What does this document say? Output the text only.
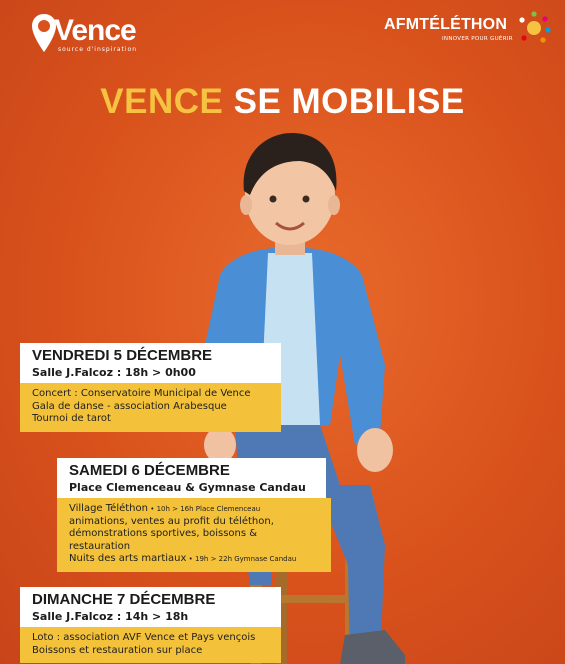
Vence
source d'inspiration
AFMTÉLÉTHON
INNOVER POUR GUÉRIR
VENCE SE MOBILISE
VENDREDI 5 DÉCEMBRE
Salle J.Falcoz : 18h > 0h00
Concert : Conservatoire Municipal de Vence
Gala de danse - association Arabesque
Tournoi de tarot
SAMEDI 6 DÉCEMBRE
Place Clemenceau & Gymnase Candau
Village Téléthon • 10h > 16h Place Clemenceau
animations, ventes au profit du téléthon,
démonstrations sportives, boissons & restauration
Nuits des arts martiaux • 19h > 22h Gymnase Candau
DIMANCHE 7 DÉCEMBRE
Salle J.Falcoz : 14h > 18h
Loto : association AVF Vence et Pays vençois
Boissons et restauration sur place
